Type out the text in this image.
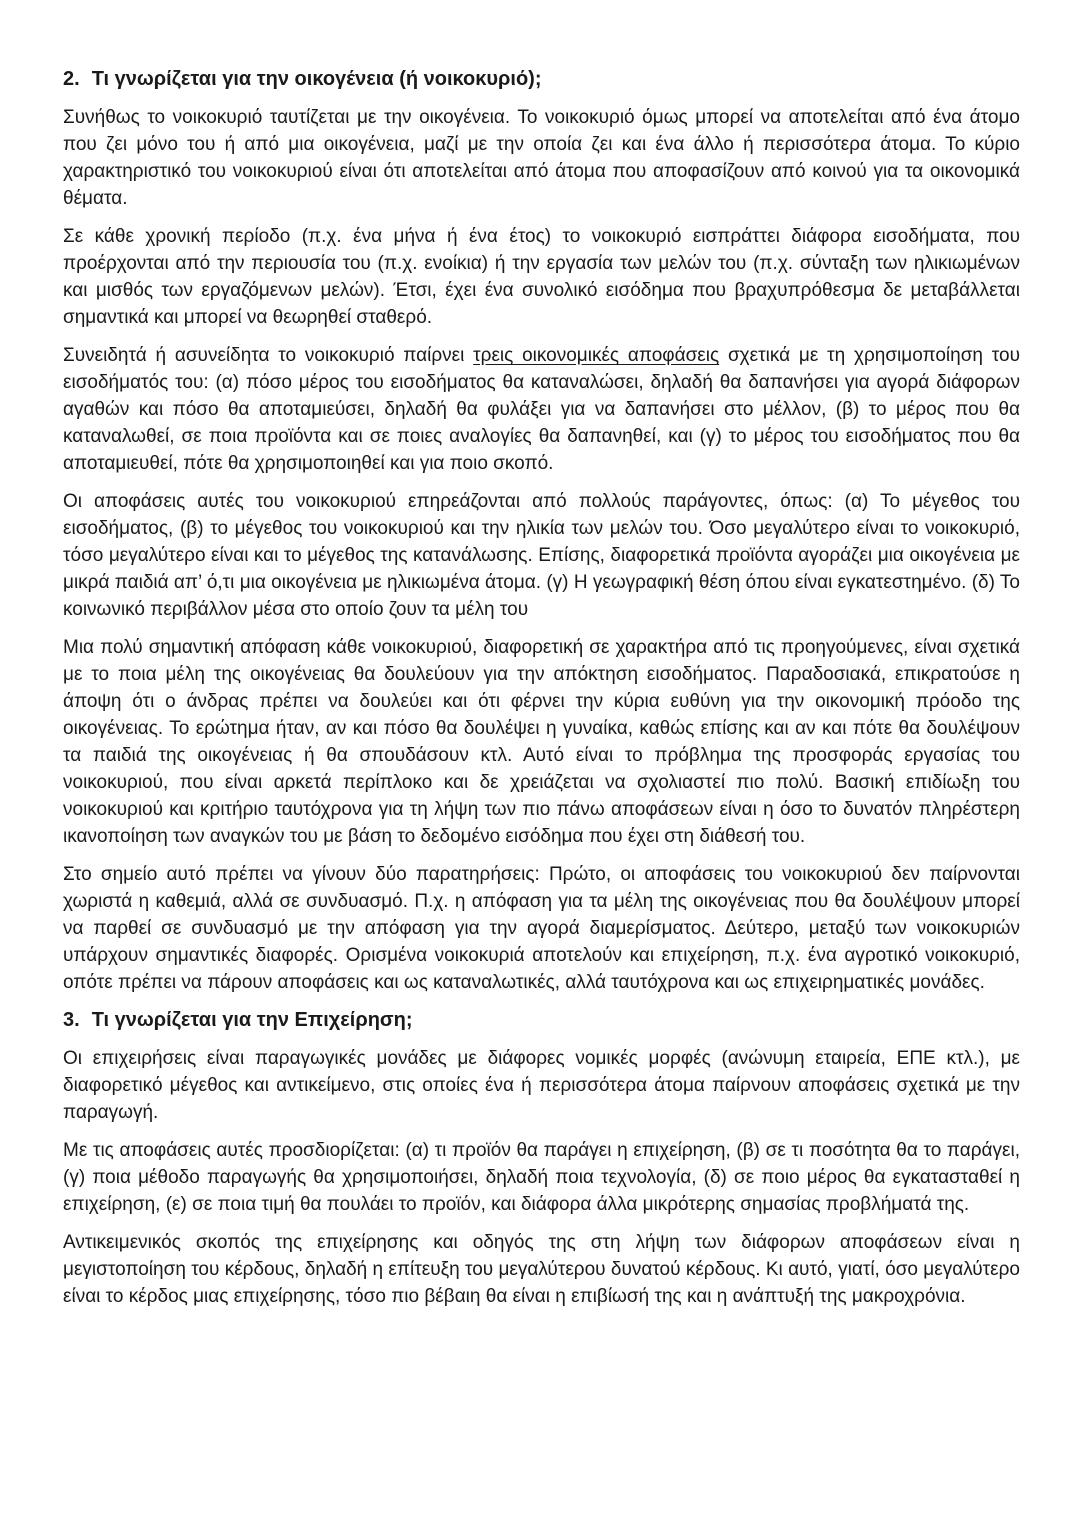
2. Τι γνωρίζεται για την οικογένεια (ή νοικοκυριό);

Συνήθως το νοικοκυριό ταυτίζεται με την οικογένεια. Το νοικοκυριό όμως μπορεί να αποτελείται από ένα άτομο που ζει μόνο του ή από μια οικογένεια, μαζί με την οποία ζει και ένα άλλο ή περισσότερα άτομα. Το κύριο χαρακτηριστικό του νοικοκυριού είναι ότι αποτελείται από άτομα που αποφασίζουν από κοινού για τα οικονομικά θέματα.

Σε κάθε χρονική περίοδο (π.χ. ένα μήνα ή ένα έτος) το νοικοκυριό εισπράττει διάφορα εισοδήματα, που προέρχονται από την περιουσία του (π.χ. ενοίκια) ή την εργασία των μελών του (π.χ. σύνταξη των ηλικιωμένων και μισθός των εργαζόμενων μελών). Έτσι, έχει ένα συνολικό εισόδημα που βραχυπρόθεσμα δε μεταβάλλεται σημαντικά και μπορεί να θεωρηθεί σταθερό.

Συνειδητά ή ασυνείδητα το νοικοκυριό παίρνει τρεις οικονομικές αποφάσεις σχετικά με τη χρησιμοποίηση του εισοδήματός του: (α) πόσο μέρος του εισοδήματος θα καταναλώσει, δηλαδή θα δαπανήσει για αγορά διάφορων αγαθών και πόσο θα αποταμιεύσει, δηλαδή θα φυλάξει για να δαπανήσει στο μέλλον, (β) το μέρος που θα καταναλωθεί, σε ποια προϊόντα και σε ποιες αναλογίες θα δαπανηθεί, και (γ) το μέρος του εισοδήματος που θα αποταμιευθεί, πότε θα χρησιμοποιηθεί και για ποιο σκοπό.

Οι αποφάσεις αυτές του νοικοκυριού επηρεάζονται από πολλούς παράγοντες, όπως: (α) Το μέγεθος του εισοδήματος, (β) το μέγεθος του νοικοκυριού και την ηλικία των μελών του. Όσο μεγαλύτερο είναι το νοικοκυριό, τόσο μεγαλύτερο είναι και το μέγεθος της κατανάλωσης. Επίσης, διαφορετικά προϊόντα αγοράζει μια οικογένεια με μικρά παιδιά απ’ ό,τι μια οικογένεια με ηλικιωμένα άτομα. (γ) Η γεωγραφική θέση όπου είναι εγκατεστημένο. (δ) Το κοινωνικό περιβάλλον μέσα στο οποίο ζουν τα μέλη του

Μια πολύ σημαντική απόφαση κάθε νοικοκυριού, διαφορετική σε χαρακτήρα από τις προηγούμενες, είναι σχετικά με το ποια μέλη της οικογένειας θα δουλεύουν για την απόκτηση εισοδήματος. Παραδοσιακά, επικρατούσε η άποψη ότι ο άνδρας πρέπει να δουλεύει και ότι φέρνει την κύρια ευθύνη για την οικονομική πρόοδο της οικογένειας. Το ερώτημα ήταν, αν και πόσο θα δουλέψει η γυναίκα, καθώς επίσης και αν και πότε θα δουλέψουν τα παιδιά της οικογένειας ή θα σπουδάσουν κτλ. Αυτό είναι το πρόβλημα της προσφοράς εργασίας του νοικοκυριού, που είναι αρκετά περίπλοκο και δε χρειάζεται να σχολιαστεί πιο πολύ. Βασική επιδίωξη του νοικοκυριού και κριτήριο ταυτόχρονα για τη λήψη των πιο πάνω αποφάσεων είναι η όσο το δυνατόν πληρέστερη ικανοποίηση των αναγκών του με βάση το δεδομένο εισόδημα που έχει στη διάθεσή του.

Στο σημείο αυτό πρέπει να γίνουν δύο παρατηρήσεις: Πρώτο, οι αποφάσεις του νοικοκυριού δεν παίρνονται χωριστά η καθεμιά, αλλά σε συνδυασμό. Π.χ. η απόφαση για τα μέλη της οικογένειας που θα δουλέψουν μπορεί να παρθεί σε συνδυασμό με την απόφαση για την αγορά διαμερίσματος. Δεύτερο, μεταξύ των νοικοκυριών υπάρχουν σημαντικές διαφορές. Ορισμένα νοικοκυριά αποτελούν και επιχείρηση, π.χ. ένα αγροτικό νοικοκυριό, οπότε πρέπει να πάρουν αποφάσεις και ως καταναλωτικές, αλλά ταυτόχρονα και ως επιχειρηματικές μονάδες.

3. Τι γνωρίζεται για την Επιχείρηση;

Οι επιχειρήσεις είναι παραγωγικές μονάδες με διάφορες νομικές μορφές (ανώνυμη εταιρεία, ΕΠΕ κτλ.), με διαφορετικό μέγεθος και αντικείμενο, στις οποίες ένα ή περισσότερα άτομα παίρνουν αποφάσεις σχετικά με την παραγωγή.

Με τις αποφάσεις αυτές προσδιορίζεται: (α) τι προϊόν θα παράγει η επιχείρηση, (β) σε τι ποσότητα θα το παράγει, (γ) ποια μέθοδο παραγωγής θα χρησιμοποιήσει, δηλαδή ποια τεχνολογία, (δ) σε ποιο μέρος θα εγκατασταθεί η επιχείρηση, (ε) σε ποια τιμή θα πουλάει το προϊόν, και διάφορα άλλα μικρότερης σημασίας προβλήματά της.

Αντικειμενικός σκοπός της επιχείρησης και οδηγός της στη λήψη των διάφορων αποφάσεων είναι η μεγιστοποίηση του κέρδους, δηλαδή η επίτευξη του μεγαλύτερου δυνατού κέρδους. Κι αυτό, γιατί, όσο μεγαλύτερο είναι το κέρδος μιας επιχείρησης, τόσο πιο βέβαιη θα είναι η επιβίωσή της και η ανάπτυξή της μακροχρόνια.
